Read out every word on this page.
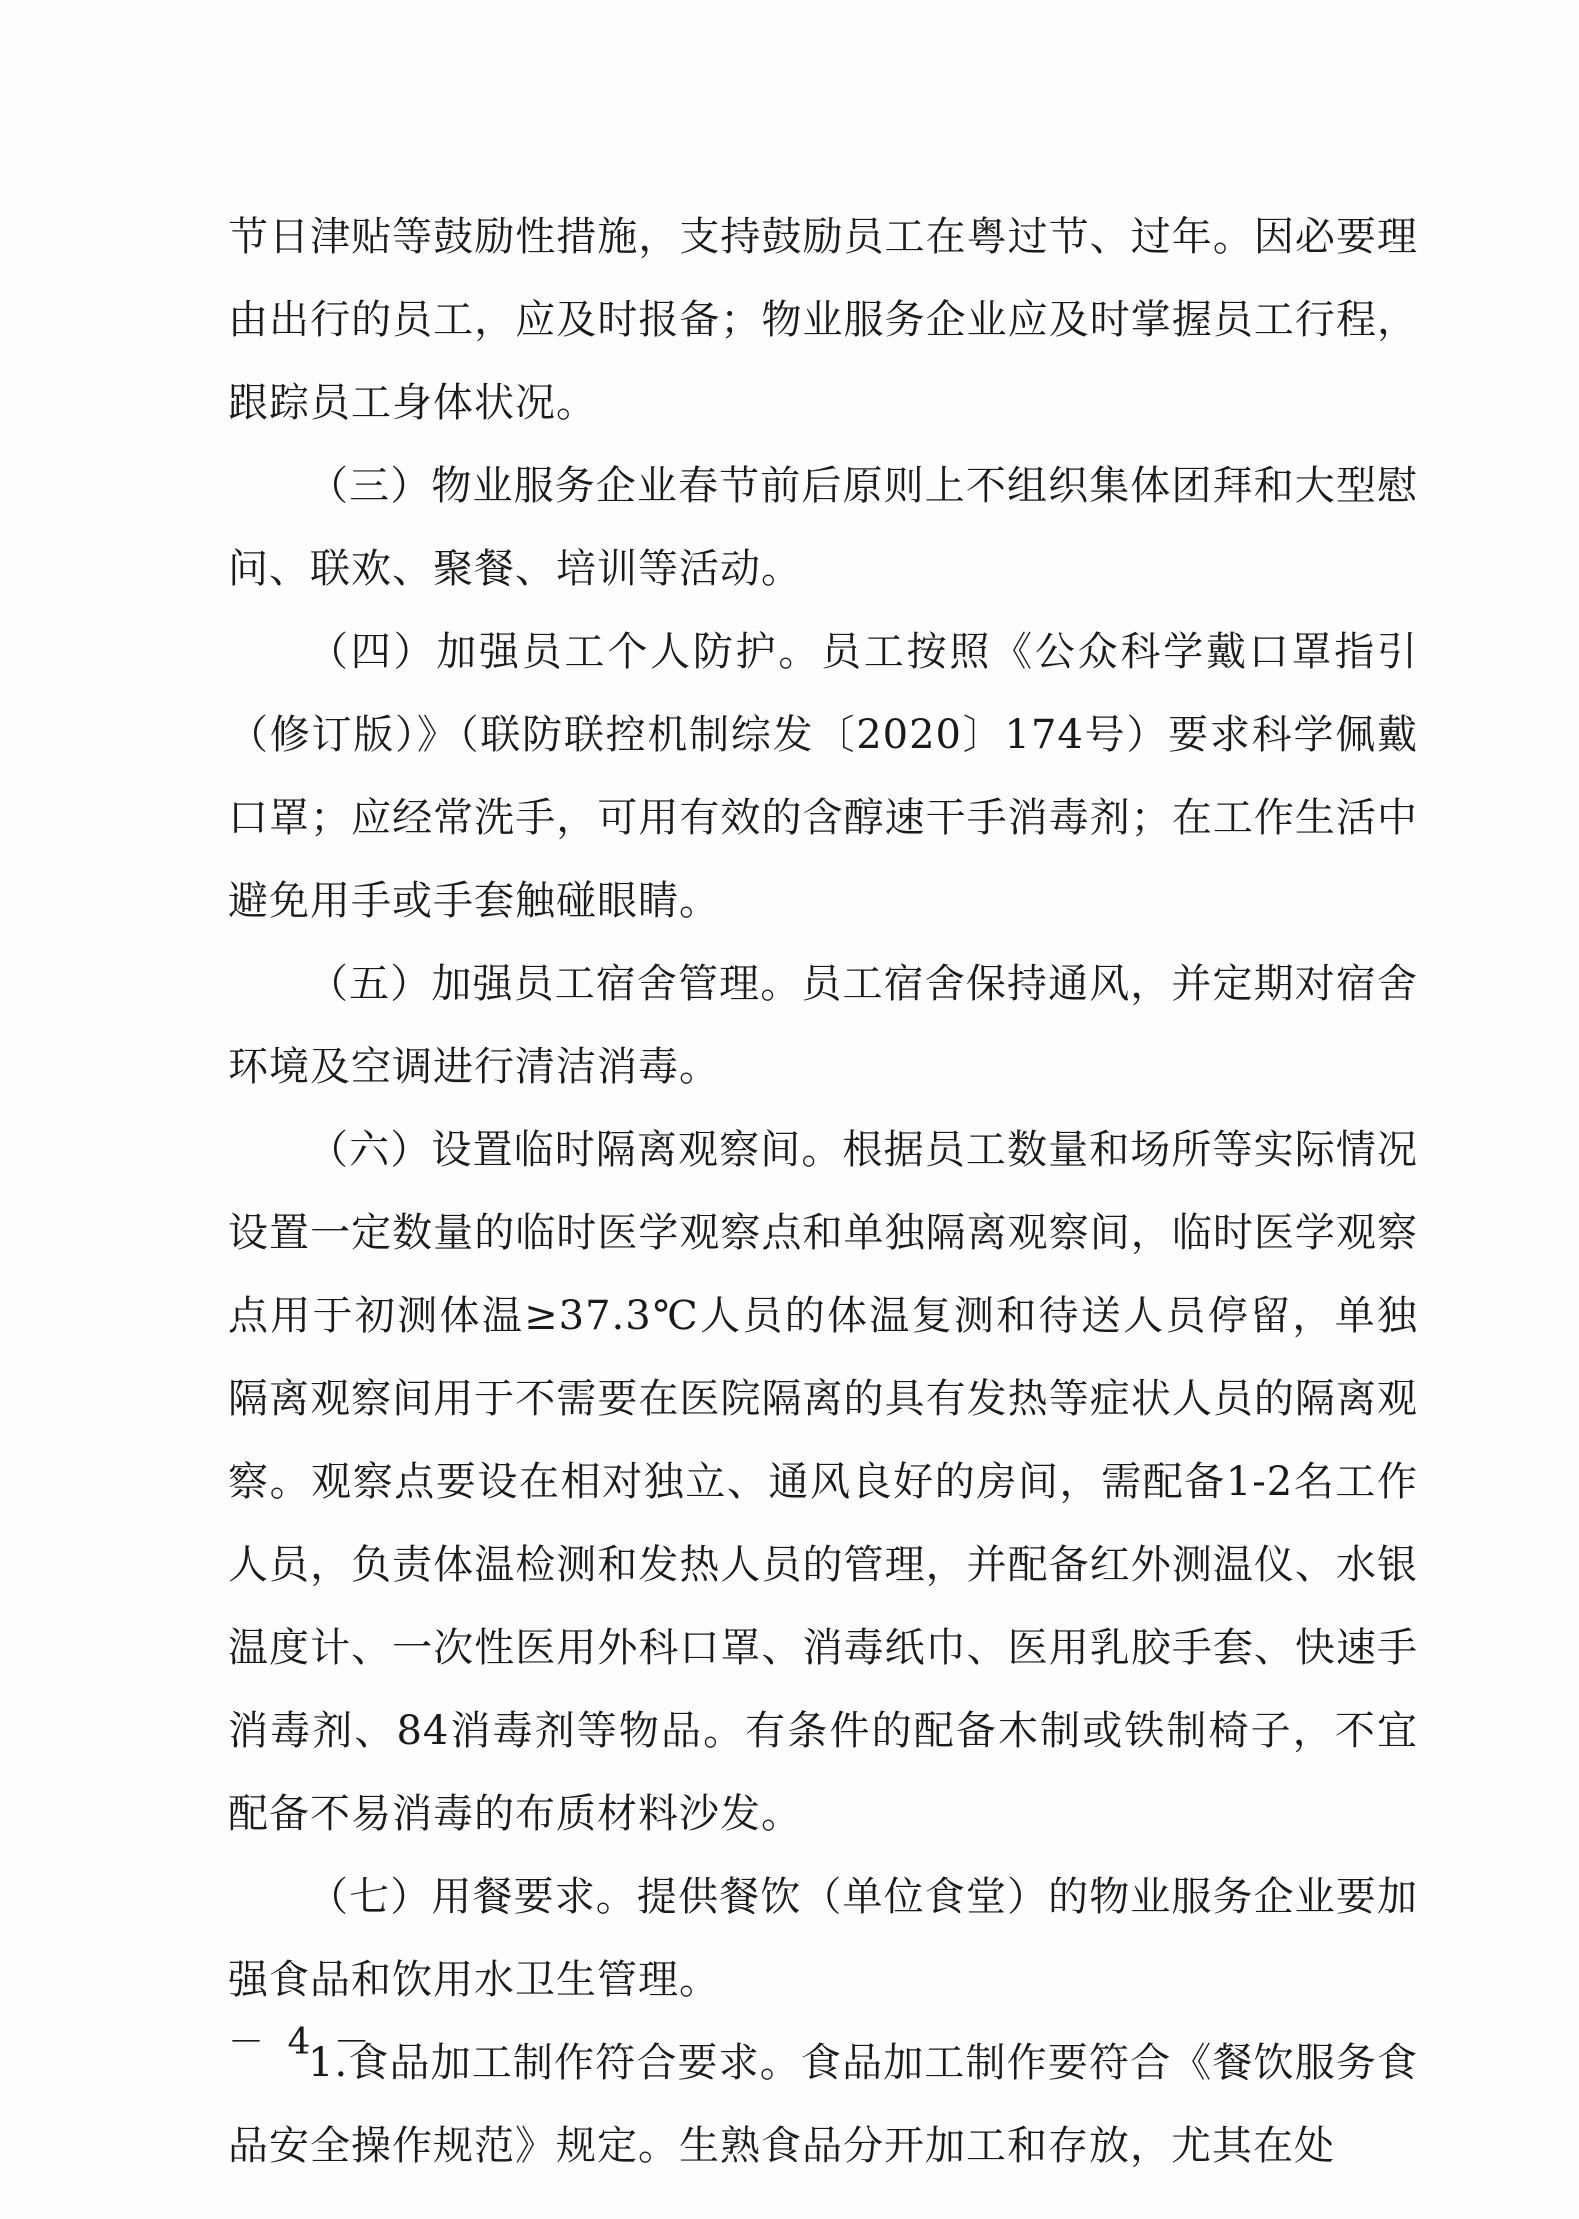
节日津贴等鼓励性措施，支持鼓励员工在粤过节、过年。因必要理由出行的员工，应及时报备；物业服务企业应及时掌握员工行程，跟踪员工身体状况。

（三）物业服务企业春节前后原则上不组织集体团拜和大型慰问、联欢、聚餐、培训等活动。

（四）加强员工个人防护。员工按照《公众科学戴口罩指引（修订版）》（联防联控机制综发〔2020〕174号）要求科学佩戴口罩；应经常洗手，可用有效的含醇速干手消毒剂；在工作生活中避免用手或手套触碰眼睛。

（五）加强员工宿舍管理。员工宿舍保持通风，并定期对宿舍环境及空调进行清洁消毒。

（六）设置临时隔离观察间。根据员工数量和场所等实际情况设置一定数量的临时医学观察点和单独隔离观察间，临时医学观察点用于初测体温≥37.3℃人员的体温复测和待送人员停留，单独隔离观察间用于不需要在医院隔离的具有发热等症状人员的隔离观察。观察点要设在相对独立、通风良好的房间，需配备1-2名工作人员，负责体温检测和发热人员的管理，并配备红外测温仪、水银温度计、一次性医用外科口罩、消毒纸巾、医用乳胶手套、快速手消毒剂、84消毒剂等物品。有条件的配备木制或铁制椅子，不宜配备不易消毒的布质材料沙发。

（七）用餐要求。提供餐饮（单位食堂）的物业服务企业要加强食品和饮用水卫生管理。

1.食品加工制作符合要求。食品加工制作要符合《餐饮服务食品安全操作规范》规定。生熟食品分开加工和存放，尤其在处

－ 4 －
